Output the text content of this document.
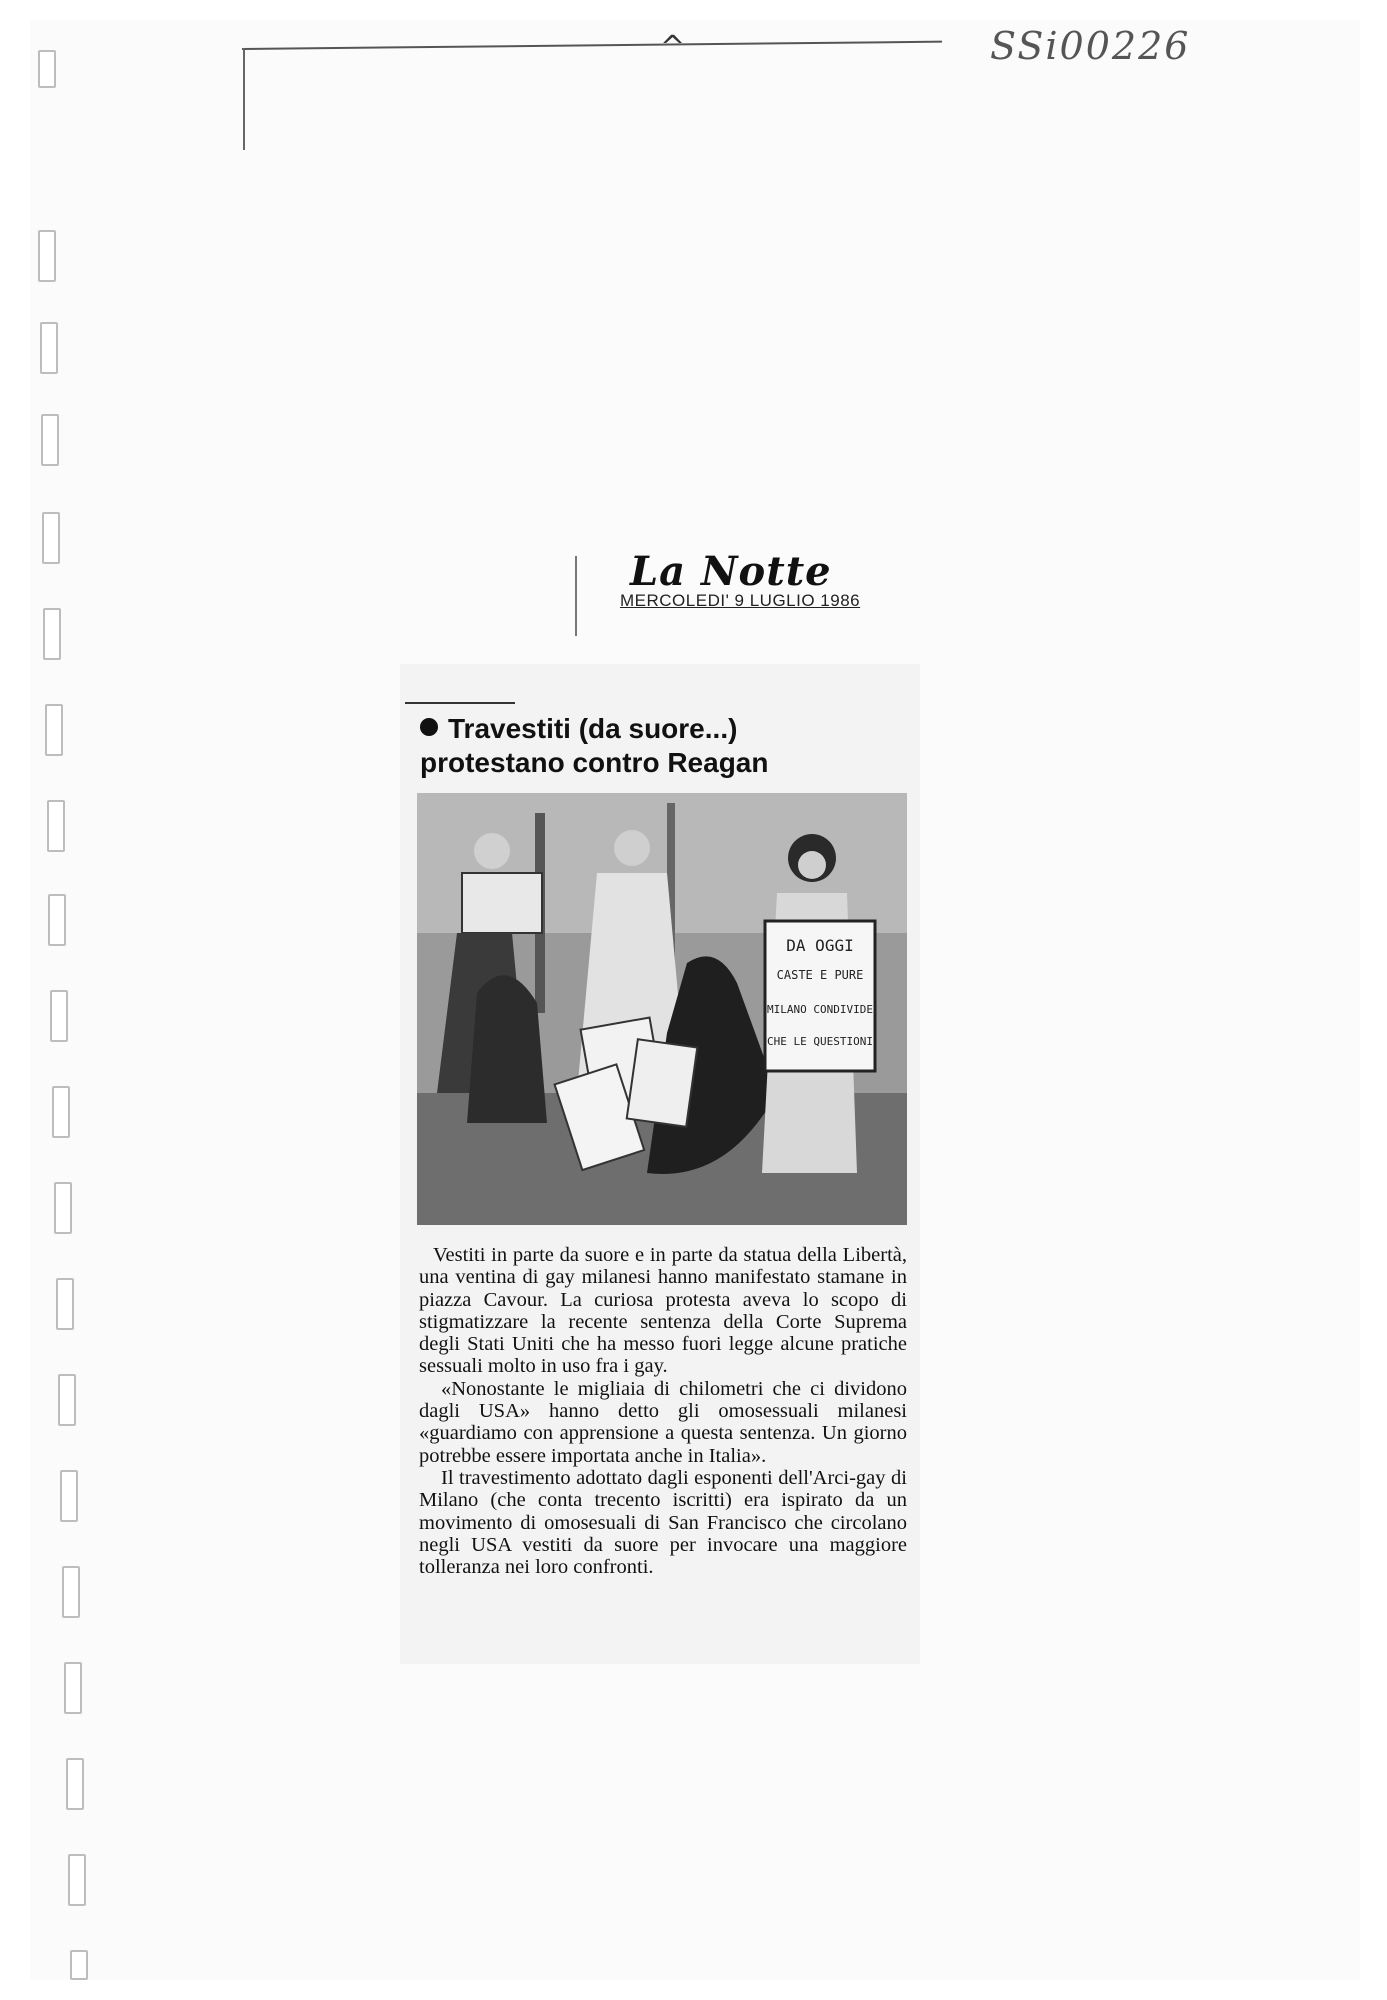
^	SSi00226
La Notte
MERCOLEDI' 9 LUGLIO 1986
Travestiti (da suore...)
protestano contro Reagan
DA OGGI
CASTE E PURE
MILANO CONDIVIDE
CHE LE QUESTIONI

Vestiti in parte da suore e in parte da statua della Libertà, una ventina di gay milanesi hanno manifestato stamane in piazza Cavour. La curiosa protesta aveva lo scopo di stigmatizzare la recente sentenza della Corte Suprema degli Stati Uniti che ha messo fuori legge alcune pratiche sessuali molto in uso fra i gay.

«Nonostante le migliaia di chilometri che ci dividono dagli USA» hanno detto gli omosessuali milanesi «guardiamo con apprensione a questa sentenza. Un giorno potrebbe essere importata anche in Italia».

Il travestimento adottato dagli esponenti dell'Arci-gay di Milano (che conta trecento iscritti) era ispirato da un movimento di omosesuali di San Francisco che circolano negli USA vestiti da suore per invocare una maggiore tolleranza nei loro confronti.
